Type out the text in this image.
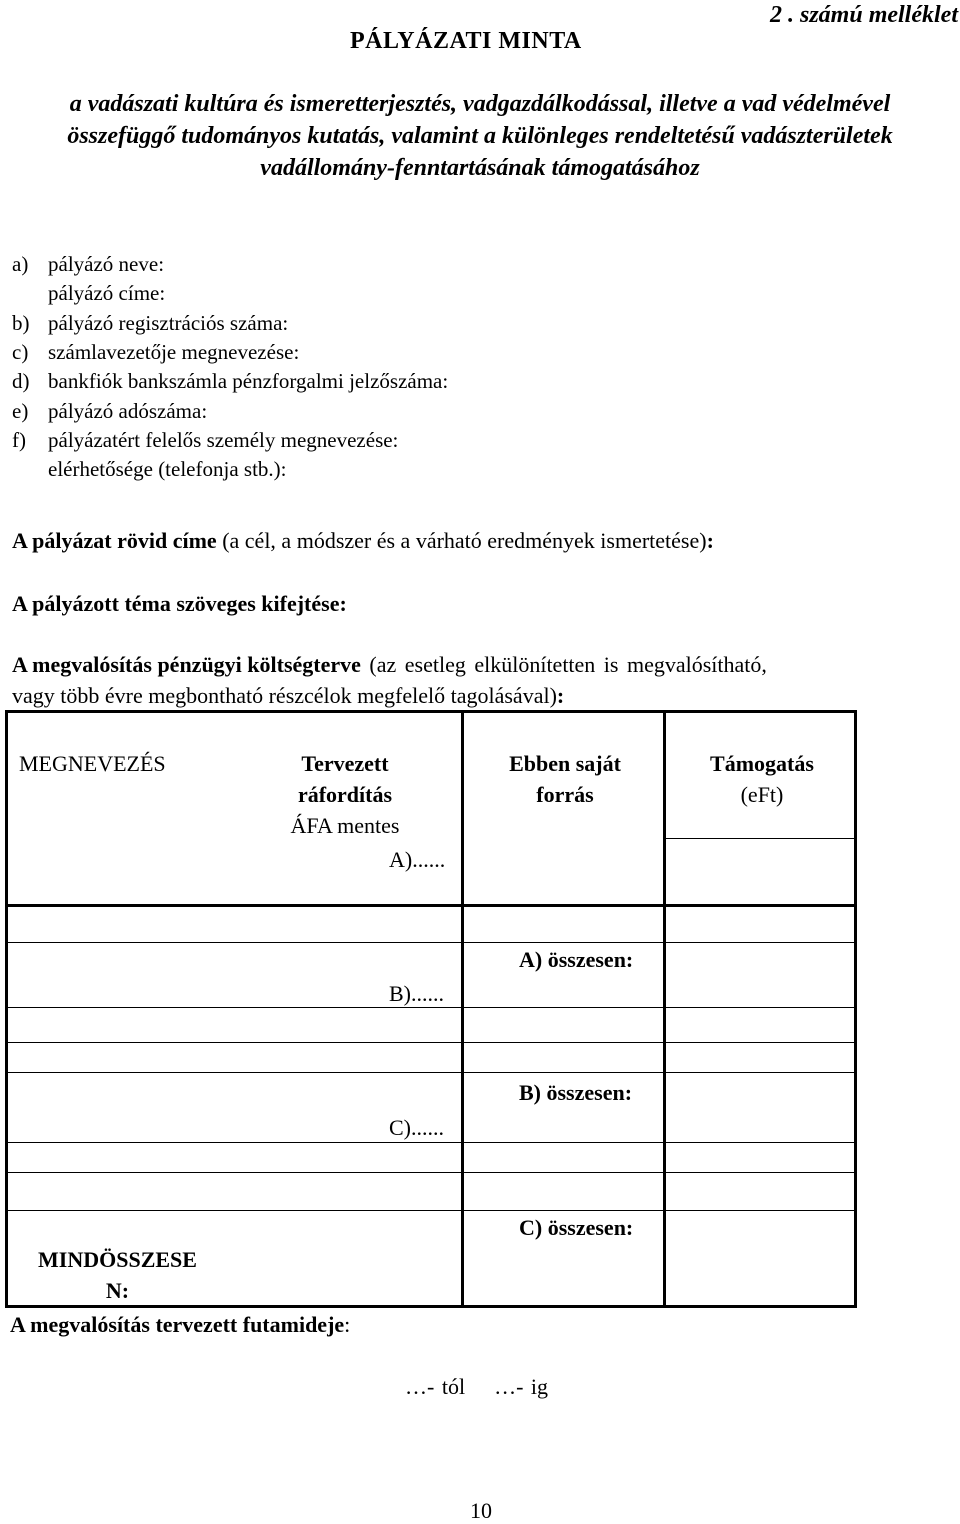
2 . számú melléklet
PÁLYÁZATI MINTA
a vadászati kultúra és ismeretterjesztés, vadgazdálkodással, illetve a vad védelmével
összefüggő tudományos kutatás, valamint a különleges rendeltetésű vadászterületek
vadállomány-fenntartásának támogatásához
a) pályázó neve:
pályázó címe:
b) pályázó regisztrációs száma:
c) számlavezetője megnevezése:
d) bankfiók bankszámla pénzforgalmi jelzőszáma:
e) pályázó adószáma:
f) pályázatért felelős személy megnevezése:
elérhetősége (telefonja stb.):
A pályázat rövid címe (a cél, a módszer és a várható eredmények ismertetése):
A pályázott téma szöveges kifejtése:
A megvalósítás pénzügyi költségterve (az esetleg elkülönítetten is megvalósítható,
vagy több évre megbontható részcélok megfelelő tagolásával):
MEGNEVEZÉS	Tervezett
ráfordítás
ÁFA mentes
Ebben saját
forrás
Támogatás
(eFt)
A)......
A) összesen:
B)......
B) összesen:
C)......
C) összesen:
MINDÖSSZESE
N:
A megvalósítás tervezett futamideje:
…- tól …- ig
10
